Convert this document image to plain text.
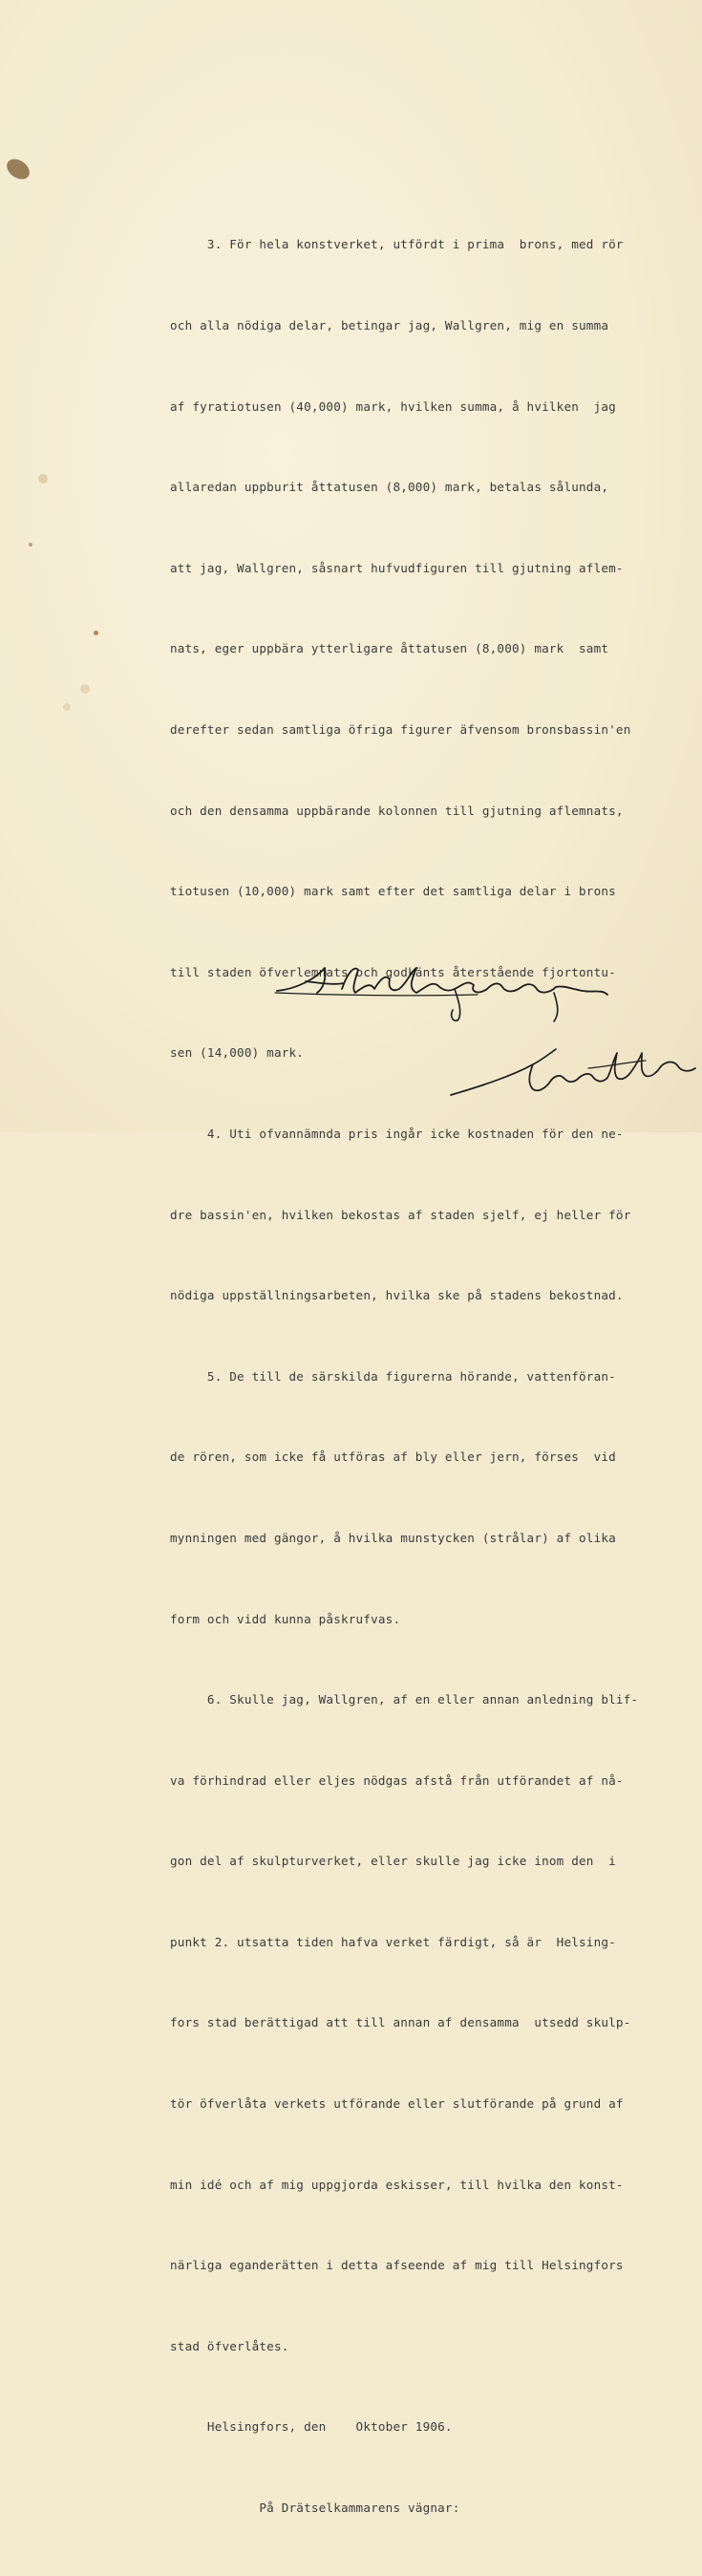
3. För hela konstverket, utfördt i prima  brons, med rör

och alla nödiga delar, betingar jag, Wallgren, mig en summa

af fyratiotusen (40,000) mark, hvilken summa, å hvilken  jag

allaredan uppburit åttatusen (8,000) mark, betalas sålunda,

att jag, Wallgren, såsnart hufvudfiguren till gjutning aflem-

nats, eger uppbära ytterligare åttatusen (8,000) mark  samt

derefter sedan samtliga öfriga figurer äfvensom bronsbassin'en

och den densamma uppbärande kolonnen till gjutning aflemnats,

tiotusen (10,000) mark samt efter det samtliga delar i brons

till staden öfverlemnats och godkänts återstående fjortontu-

sen (14,000) mark.

4. Uti ofvannämnda pris ingår icke kostnaden för den ne-

dre bassin'en, hvilken bekostas af staden sjelf, ej heller för

nödiga uppställningsarbeten, hvilka ske på stadens bekostnad.

5. De till de särskilda figurerna hörande, vattenföran-

de rören, som icke få utföras af bly eller jern, förses  vid

mynningen med gängor, å hvilka munstycken (strålar) af olika

form och vidd kunna påskrufvas.

6. Skulle jag, Wallgren, af en eller annan anledning blif-

va förhindrad eller eljes nödgas afstå från utförandet af nå-

gon del af skulpturverket, eller skulle jag icke inom den  i

punkt 2. utsatta tiden hafva verket färdigt, så är  Helsing-

fors stad berättigad att till annan af densamma  utsedd skulp-

tör öfverlåta verkets utförande eller slutförande på grund af

min idé och af mig uppgjorda eskisser, till hvilka den konst-

närliga eganderätten i detta afseende af mig till Helsingfors

stad öfverlåtes.

Helsingfors, den    Oktober 1906.

På Drätselkammarens vägnar:
